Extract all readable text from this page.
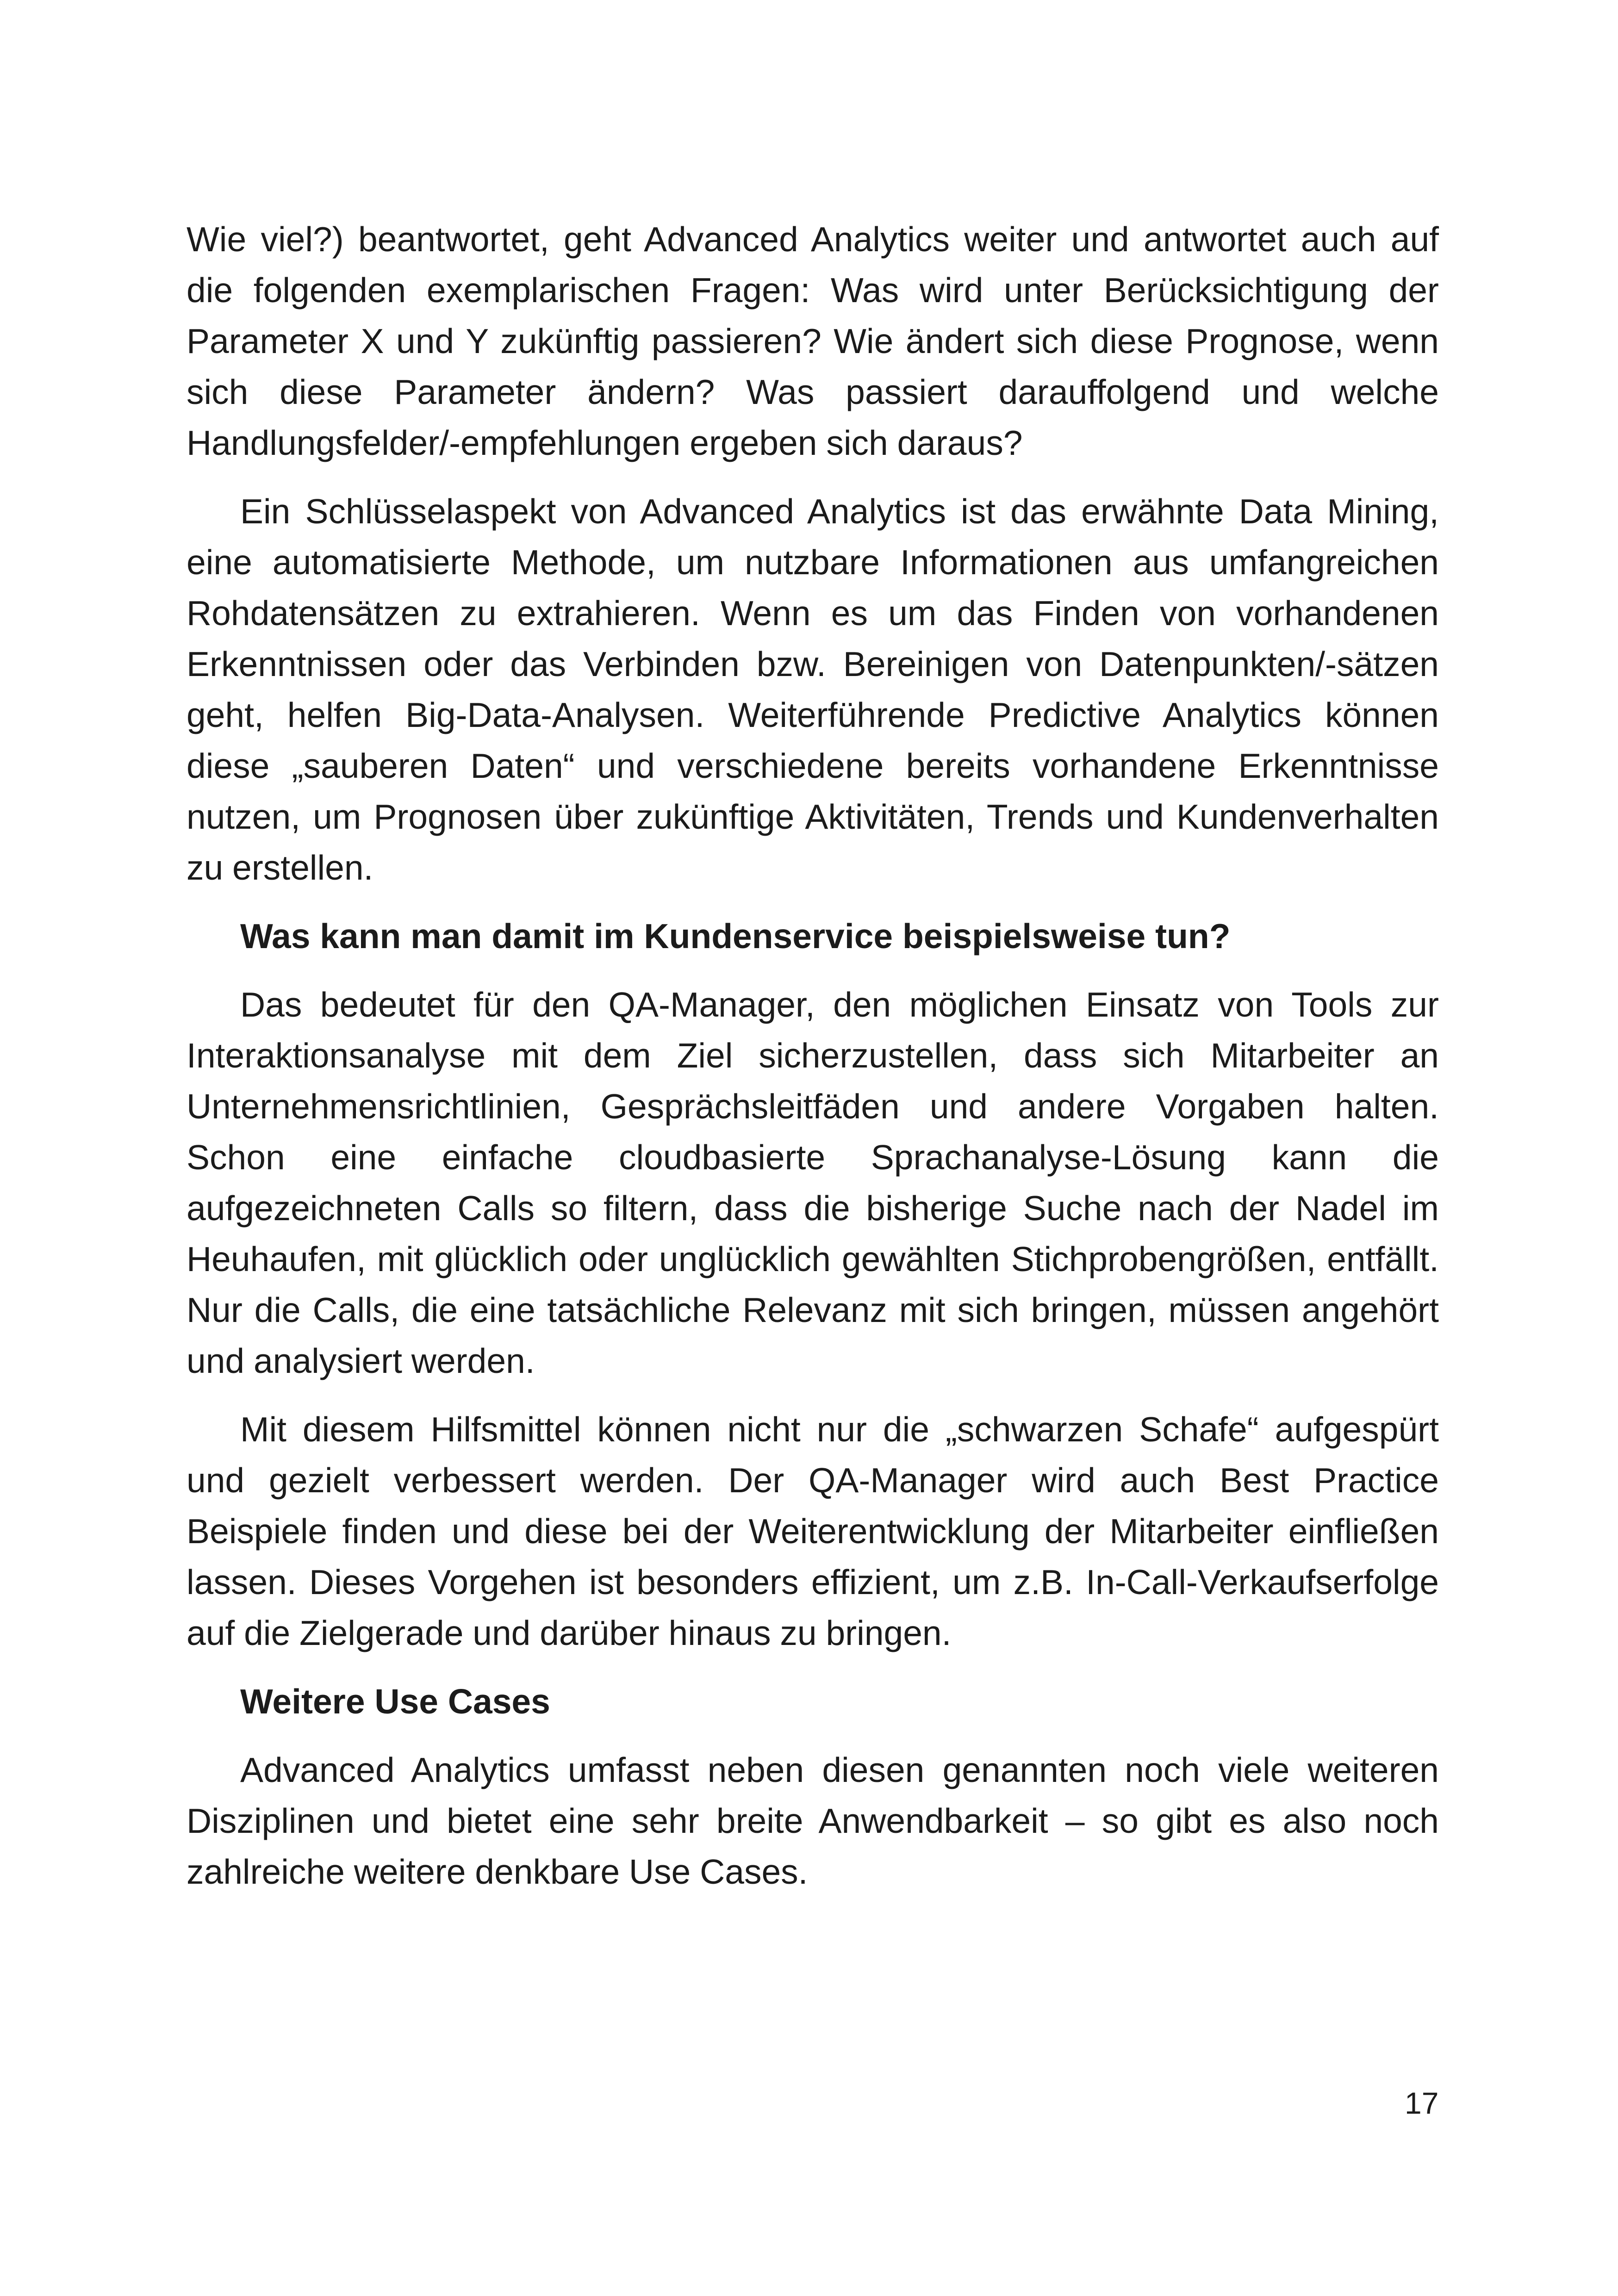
Wie viel?) beantwortet, geht Advanced Analytics weiter und antwortet auch auf die folgenden exemplarischen Fragen: Was wird unter Berücksichtigung der Parameter X und Y zukünftig passieren? Wie ändert sich diese Prognose, wenn sich diese Parameter ändern? Was passiert darauffolgend und welche Handlungsfelder/-empfehlungen ergeben sich daraus?

Ein Schlüsselaspekt von Advanced Analytics ist das erwähnte Data Mining, eine automatisierte Methode, um nutzbare Informationen aus umfangreichen Rohdatensätzen zu extrahieren. Wenn es um das Finden von vorhandenen Erkenntnissen oder das Verbinden bzw. Bereinigen von Datenpunkten/-sätzen geht, helfen Big-Data-Analysen. Weiterführende Predictive Analytics können diese „sauberen Daten“ und verschiedene bereits vorhandene Erkenntnisse nutzen, um Prognosen über zukünftige Aktivitäten, Trends und Kundenverhalten zu erstellen.

Was kann man damit im Kundenservice beispielsweise tun?

Das bedeutet für den QA-Manager, den möglichen Einsatz von Tools zur Interaktionsanalyse mit dem Ziel sicherzustellen, dass sich Mitarbeiter an Unternehmensrichtlinien, Gesprächsleitfäden und andere Vorgaben halten. Schon eine einfache cloudbasierte Sprachanalyse-Lösung kann die aufgezeichneten Calls so filtern, dass die bisherige Suche nach der Nadel im Heuhaufen, mit glücklich oder unglücklich gewählten Stichprobengrößen, entfällt. Nur die Calls, die eine tatsächliche Relevanz mit sich bringen, müssen angehört und analysiert werden.

Mit diesem Hilfsmittel können nicht nur die „schwarzen Schafe“ aufgespürt und gezielt verbessert werden. Der QA-Manager wird auch Best Practice Beispiele finden und diese bei der Weiterentwicklung der Mitarbeiter einfließen lassen. Dieses Vorgehen ist besonders effizient, um z.B. In-Call-Verkaufserfolge auf die Zielgerade und darüber hinaus zu bringen.

Weitere Use Cases

Advanced Analytics umfasst neben diesen genannten noch viele weiteren Disziplinen und bietet eine sehr breite Anwendbarkeit – so gibt es also noch zahlreiche weitere denkbare Use Cases.

17
